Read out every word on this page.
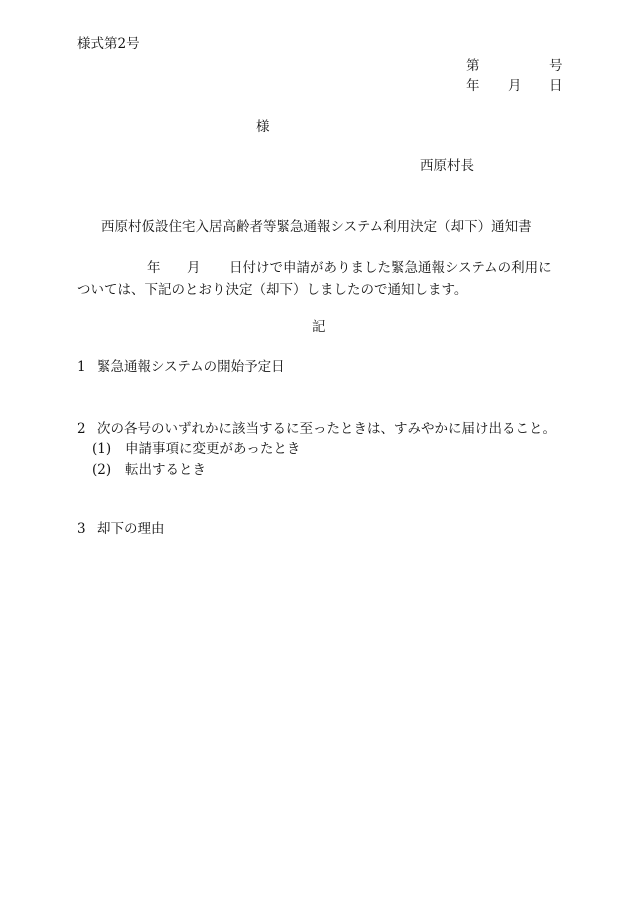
様式第2号
第	号
年 月 日
様
西原村長
西原村仮設住宅入居高齢者等緊急通報システム利用決定（却下）通知書
年 月 日付けで申請がありました緊急通報システムの利用に
ついては、下記のとおり決定（却下）しましたので通知します。
記
1 緊急通報システムの開始予定日
2 次の各号のいずれかに該当するに至ったときは、すみやかに届け出ること。
(1) 申請事項に変更があったとき
(2) 転出するとき
3 却下の理由
